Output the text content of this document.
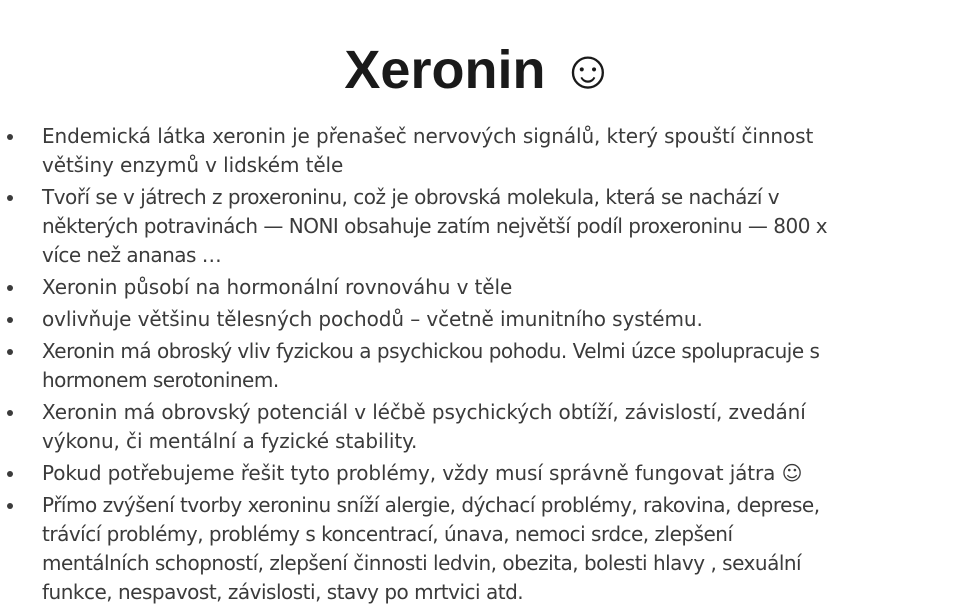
Xeronin ☺
Endemická látka xeronin je přenašeč nervových signálů, který spouští činnost
většiny enzymů v lidském těle
Tvoří se v játrech z proxeroninu, což je obrovská molekula, která se nachází v
některých potravinách — NONI obsahuje zatím největší podíl proxeroninu — 800 x
více než ananas …
Xeronin působí na hormonální rovnováhu v těle
ovlivňuje většinu tělesných pochodů – včetně imunitního systému.
Xeronin má obroský vliv fyzickou a psychickou pohodu. Velmi úzce spolupracuje s
hormonem serotoninem.
Xeronin má obrovský potenciál v léčbě psychických obtíží, závislostí, zvedání
výkonu, či mentální a fyzické stability.
Pokud potřebujeme řešit tyto problémy, vždy musí správně fungovat játra ☺
Přímo zvýšení tvorby xeroninu sníží alergie, dýchací problémy, rakovina, deprese,
trávící problémy, problémy s koncentrací, únava, nemoci srdce, zlepšení
mentálních schopností, zlepšení činnosti ledvin, obezita, bolesti hlavy , sexuální
funkce, nespavost, závislosti, stavy po mrtvici atd.
